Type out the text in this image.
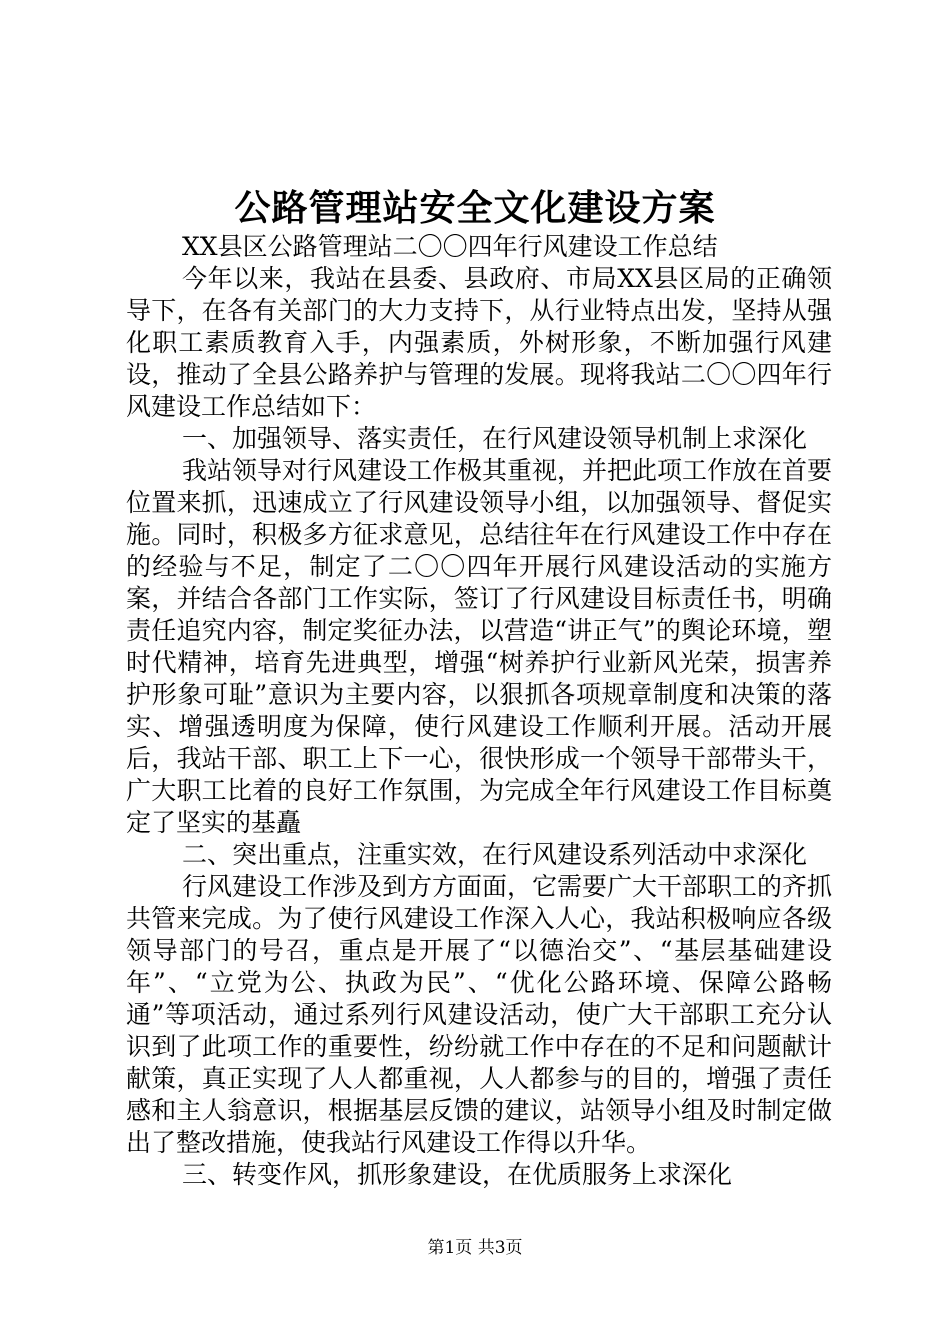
公路管理站安全文化建设方案

XX县区公路管理站二〇〇四年行风建设工作总结

今年以来，我站在县委、县政府、市局XX县区局的正确领导下，在各有关部门的大力支持下，从行业特点出发，坚持从强化职工素质教育入手，内强素质，外树形象，不断加强行风建设，推动了全县公路养护与管理的发展。现将我站二〇〇四年行风建设工作总结如下：

一、加强领导、落实责任，在行风建设领导机制上求深化

我站领导对行风建设工作极其重视，并把此项工作放在首要位置来抓，迅速成立了行风建设领导小组，以加强领导、督促实施。同时，积极多方征求意见，总结往年在行风建设工作中存在的经验与不足，制定了二〇〇四年开展行风建设活动的实施方案，并结合各部门工作实际，签订了行风建设目标责任书，明确责任追究内容，制定奖征办法，以营造“讲正气”的舆论环境，塑时代精神，培育先进典型，增强“树养护行业新风光荣，损害养护形象可耻”意识为主要内容，以狠抓各项规章制度和决策的落实、增强透明度为保障，使行风建设工作顺利开展。活动开展后，我站干部、职工上下一心，很快形成一个领导干部带头干，广大职工比着的良好工作氛围，为完成全年行风建设工作目标奠定了坚实的基矗

二、突出重点，注重实效，在行风建设系列活动中求深化

行风建设工作涉及到方方面面，它需要广大干部职工的齐抓共管来完成。为了使行风建设工作深入人心，我站积极响应各级领导部门的号召，重点是开展了“以德治交”、“基层基础建设年”、“立党为公、执政为民”、“优化公路环境、保障公路畅通”等项活动，通过系列行风建设活动，使广大干部职工充分认识到了此项工作的重要性，纷纷就工作中存在的不足和问题献计献策，真正实现了人人都重视，人人都参与的目的，增强了责任感和主人翁意识，根据基层反馈的建议，站领导小组及时制定做出了整改措施，使我站行风建设工作得以升华。

三、转变作风，抓形象建设，在优质服务上求深化

第1页 共3页
